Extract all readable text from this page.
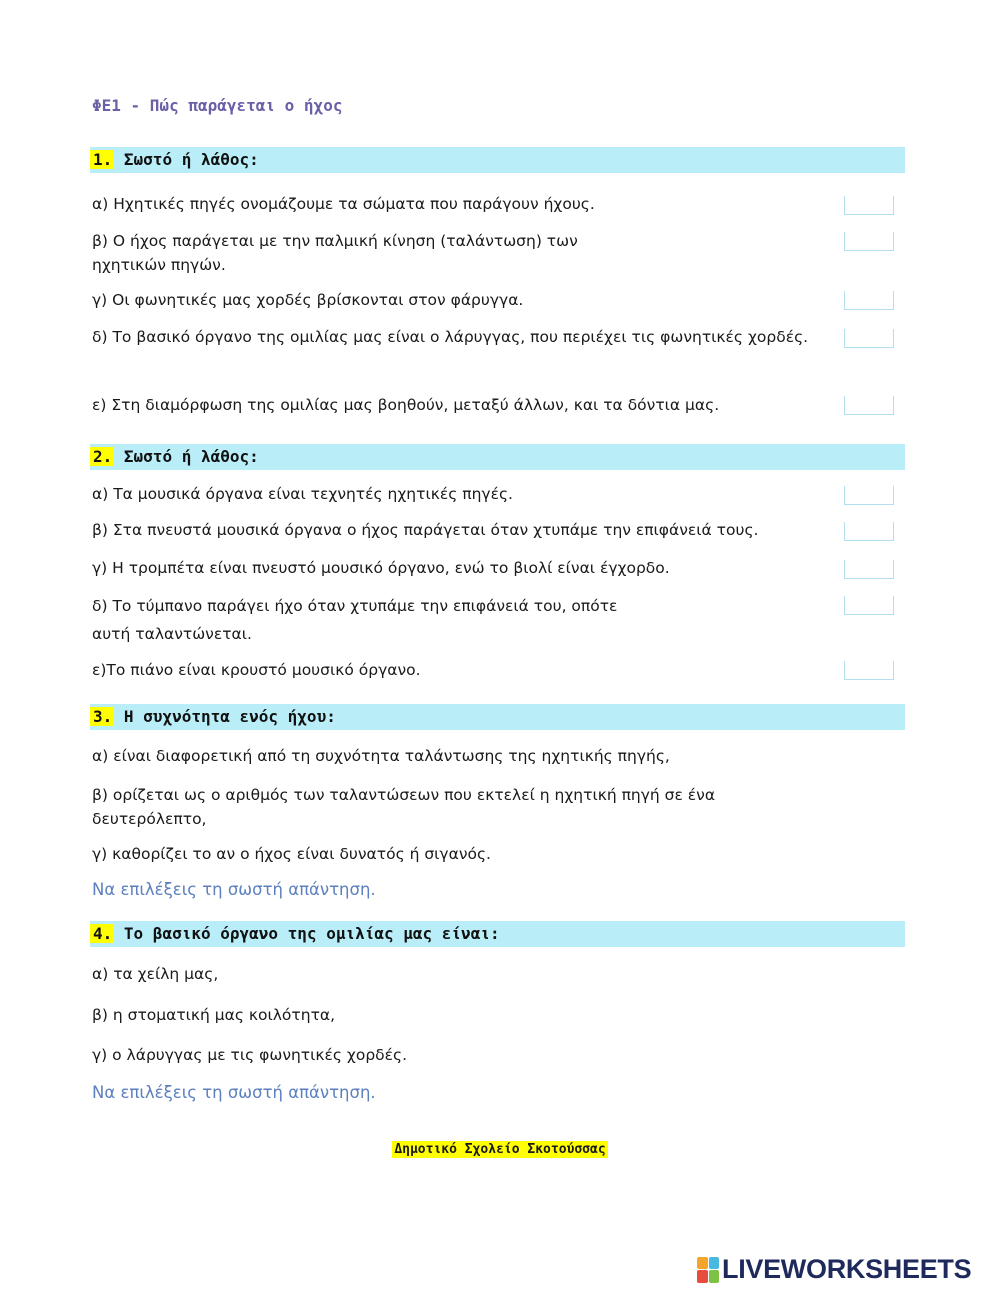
ΦΕ1 - Πώς παράγεται ο ήχος
1. Σωστό ή λάθος:
α) Ηχητικές πηγές ονομάζουμε τα σώματα που παράγουν ήχους.
β) Ο ήχος παράγεται με την παλμική κίνηση (ταλάντωση) των ηχητικών πηγών.
γ) Οι φωνητικές μας χορδές βρίσκονται στον φάρυγγα.
δ) Το βασικό όργανο της ομιλίας μας είναι ο λάρυγγας, που περιέχει τις φωνητικές χορδές.
ε) Στη διαμόρφωση της ομιλίας μας βοηθούν, μεταξύ άλλων, και τα δόντια μας.
2. Σωστό ή λάθος:
α) Τα μουσικά όργανα είναι τεχνητές ηχητικές πηγές.
β) Στα πνευστά μουσικά όργανα ο ήχος παράγεται όταν χτυπάμε την επιφάνειά τους.
γ) Η τρομπέτα είναι πνευστό μουσικό όργανο, ενώ το βιολί είναι έγχορδο.
δ) Το τύμπανο παράγει ήχο όταν χτυπάμε την επιφάνειά του, οπότε αυτή ταλαντώνεται.
ε)Το πιάνο είναι κρουστό μουσικό όργανο.
3. Η συχνότητα ενός ήχου:
α) είναι διαφορετική από τη συχνότητα ταλάντωσης της ηχητικής πηγής,
β) ορίζεται ως ο αριθμός των ταλαντώσεων που εκτελεί η ηχητική πηγή σε ένα δευτερόλεπτο,
γ) καθορίζει το αν ο ήχος είναι δυνατός ή σιγανός.
Να επιλέξεις τη σωστή απάντηση.
4. Το βασικό όργανο της ομιλίας μας είναι:
α) τα χείλη μας,
β) η στοματική μας κοιλότητα,
γ) ο λάρυγγας με τις φωνητικές χορδές.
Να επιλέξεις τη σωστή απάντηση.
Δημοτικό Σχολείο Σκοτούσσας
LIVEWORKSHEETS
